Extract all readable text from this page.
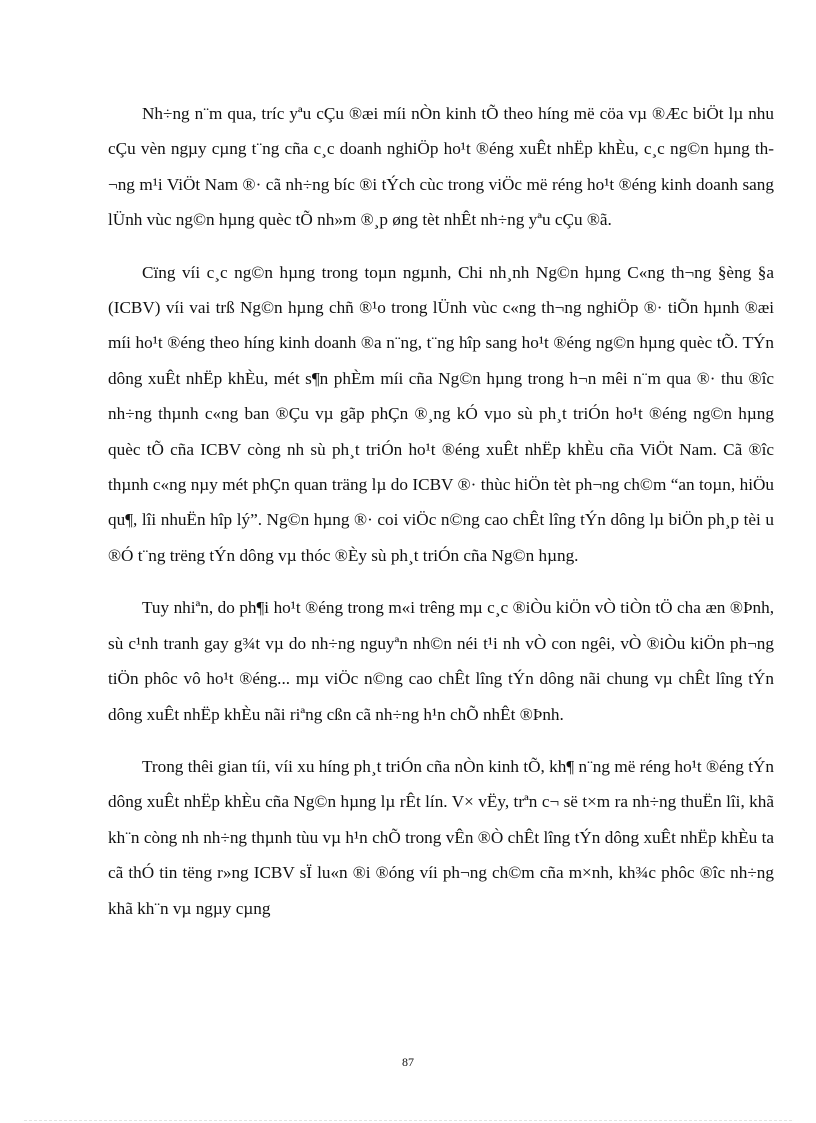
Nh÷ng n¨m qua, tríc yªu cÇu ®æi míi nÒn kinh tÕ theo híng më cöa vµ ®Æc biÖt lµ nhu cÇu vèn ngµy cµng t¨ng cña c¸c doanh nghiÖp ho¹t ®éng xuÊt nhËp khÈu, c¸c ng©n hµng th¬ng m¹i ViÖt Nam ®· cã nh÷ng bíc ®i tÝch cùc trong viÖc më réng ho¹t ®éng kinh doanh sang lÜnh vùc ng©n hµng quèc tÕ nh»m ®¸p øng tèt nhÊt nh÷ng yªu cÇu ®ã.

Cïng víi c¸c ng©n hµng trong toµn ngµnh, Chi nh¸nh Ng©n hµng C«ng th¬ng §èng §a (ICBV) víi vai trß Ng©n hµng chñ ®¹o trong lÜnh vùc c«ng th¬ng nghiÖp ®· tiÕn hµnh ®æi míi ho¹t ®éng theo híng kinh doanh ®a n¨ng, t¨ng hîp sang ho¹t ®éng ng©n hµng quèc tÕ. TÝn dông xuÊt nhËp khÈu, mét s¶n phÈm míi cña Ng©n hµng trong h¬n mêi n¨m qua ®· thu ®îc nh÷ng thµnh c«ng ban ®Çu vµ gãp phÇn ®¸ng kÓ vµo sù ph¸t triÓn ho¹t ®éng ng©n hµng quèc tÕ cña ICBV còng nh sù ph¸t triÓn ho¹t ®éng xuÊt nhËp khÈu cña ViÖt Nam. Cã ®îc thµnh c«ng nµy mét phÇn quan träng lµ do ICBV ®· thùc hiÖn tèt ph¬ng ch©m “an toµn, hiÖu qu¶, lîi nhuËn hîp lý”. Ng©n hµng ®· coi viÖc n©ng cao chÊt lîng tÝn dông lµ biÖn ph¸p tèi u ®Ó t¨ng trëng tÝn dông vµ thóc ®Èy sù ph¸t triÓn cña Ng©n hµng.

Tuy nhiªn, do ph¶i ho¹t ®éng trong m«i trêng mµ c¸c ®iÒu kiÖn vÒ tiÒn tÖ cha æn ®Þnh, sù c¹nh tranh gay g¾t vµ do nh÷ng nguyªn nh©n néi t¹i nh vÒ con ngêi, vÒ ®iÒu kiÖn ph¬ng tiÖn phôc vô ho¹t ®éng... mµ viÖc n©ng cao chÊt lîng tÝn dông nãi chung vµ chÊt lîng tÝn dông xuÊt nhËp khÈu nãi riªng cßn cã nh÷ng h¹n chÕ nhÊt ®Þnh.

Trong thêi gian tíi, víi xu híng ph¸t triÓn cña nÒn kinh tÕ, kh¶ n¨ng më réng ho¹t ®éng tÝn dông xuÊt nhËp khÈu cña Ng©n hµng lµ rÊt lín. V× vËy, trªn c¬ së t×m ra nh÷ng thuËn lîi, khã kh¨n còng nh nh÷ng thµnh tùu vµ h¹n chÕ trong vÊn ®Ò chÊt lîng tÝn dông xuÊt nhËp khÈu ta cã thÓ tin tëng r»ng ICBV sÏ lu«n ®i ®óng víi ph¬ng ch©m cña m×nh, kh¾c phôc ®îc nh÷ng khã kh¨n vµ ngµy cµng

87
